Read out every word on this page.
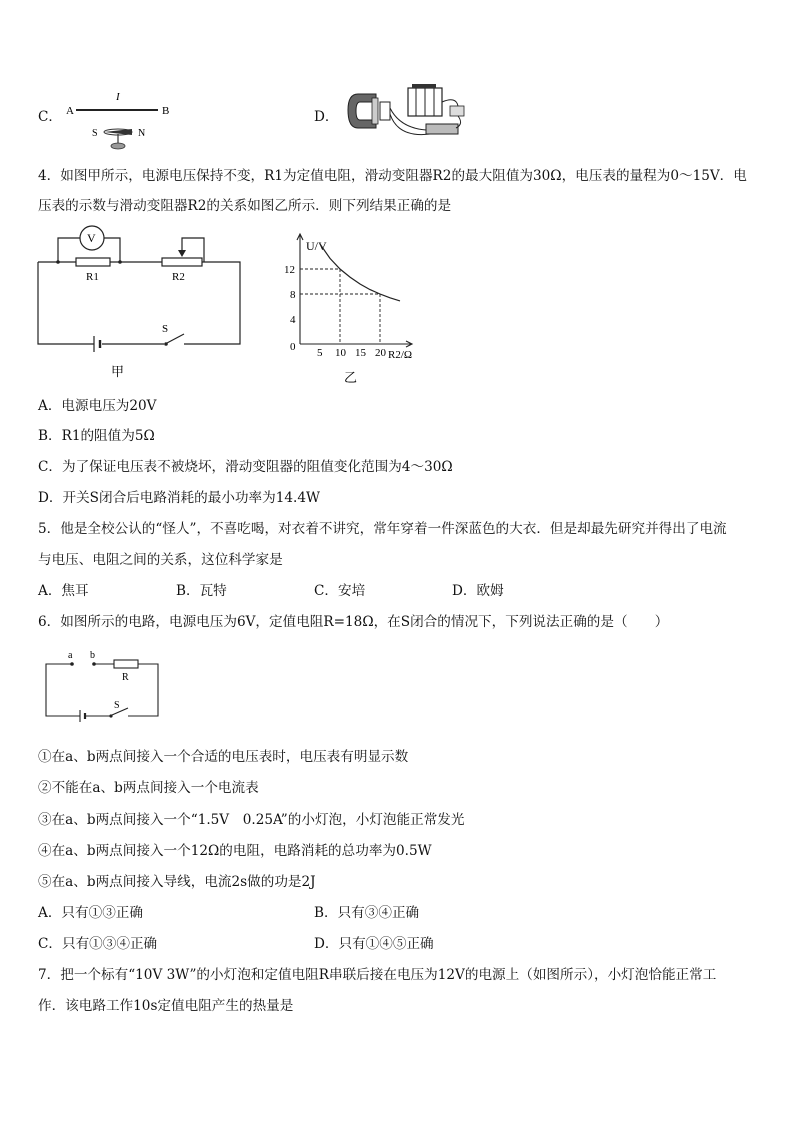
C．
I
A	B
S	N
D．
4．如图甲所示，电源电压保持不变，R1为定值电阻，滑动变阻器R2的最大阻值为30Ω，电压表的量程为0～15V．电
压表的示数与滑动变阻器R2的关系如图乙所示．则下列结果正确的是
S
R1	R2
V
甲
U/V
R2/Ω
0 5 10 15 20
12
8
4
乙
A．电源电压为20V
B．R1的阻值为5Ω
C．为了保证电压表不被烧坏，滑动变阻器的阻值变化范围为4～30Ω
D．开关S闭合后电路消耗的最小功率为14.4W
5．他是全校公认的“怪人”，不喜吃喝，对衣着不讲究，常年穿着一件深蓝色的大衣．但是却最先研究并得出了电流
与电压、电阻之间的关系，这位科学家是
A．焦耳	B．瓦特	C．安培	D．欧姆
6．如图所示的电路，电源电压为6V，定值电阻R=18Ω，在S闭合的情况下，下列说法正确的是（　　）
a b
R
S
①在a、b两点间接入一个合适的电压表时，电压表有明显示数
②不能在a、b两点间接入一个电流表
③在a、b两点间接入一个“1.5V　0.25A”的小灯泡，小灯泡能正常发光
④在a、b两点间接入一个12Ω的电阻，电路消耗的总功率为0.5W
⑤在a、b两点间接入导线，电流2s做的功是2J
A．只有①③正确	B．只有③④正确
C．只有①③④正确	D．只有①④⑤正确
7．把一个标有“10V 3W”的小灯泡和定值电阻R串联后接在电压为12V的电源上（如图所示），小灯泡恰能正常工
作．该电路工作10s定值电阻产生的热量是
